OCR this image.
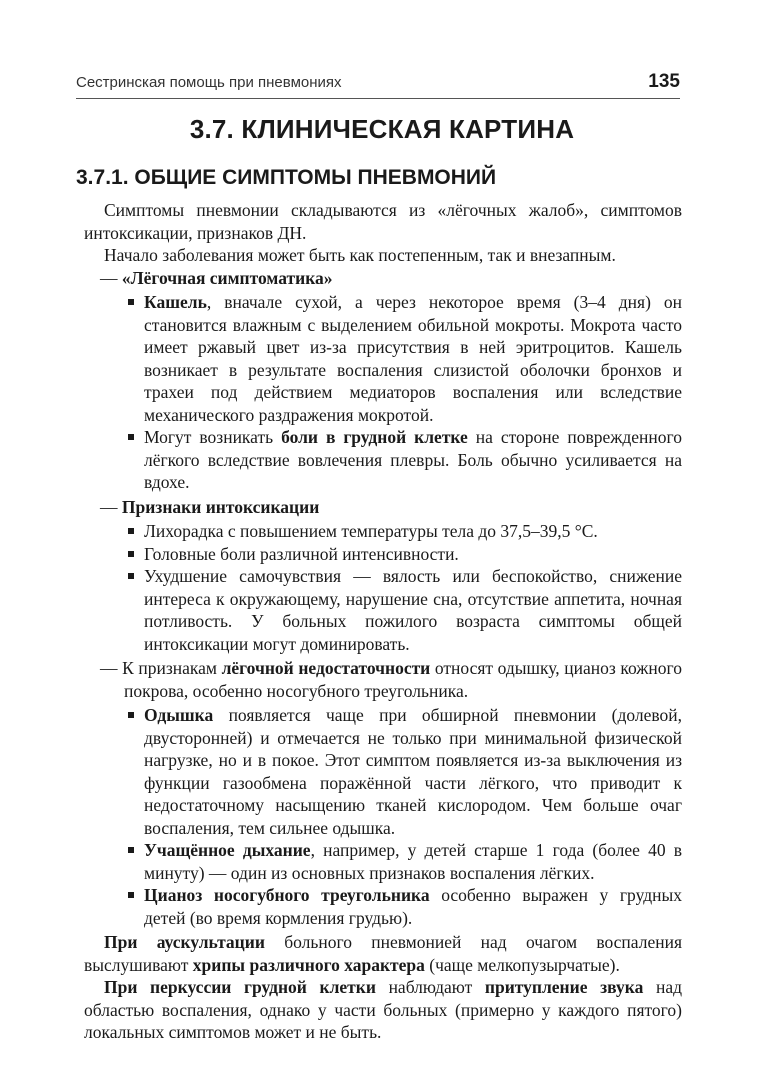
Сестринская помощь при пневмониях	135
3.7. КЛИНИЧЕСКАЯ КАРТИНА
3.7.1. ОБЩИЕ СИМПТОМЫ ПНЕВМОНИЙ

Симптомы пневмонии складываются из «лёгочных жалоб», симптомов интоксикации, признаков ДН.

Начало заболевания может быть как постепенным, так и внезапным.

— «Лёгочная симптоматика»

Кашель, вначале сухой, а через некоторое время (3–4 дня) он становится влажным с выделением обильной мокроты. Мокрота часто имеет ржавый цвет из-за присутствия в ней эритроцитов. Кашель возникает в результате воспаления слизистой оболочки бронхов и трахеи под действием медиаторов воспаления или вследствие механического раздражения мокротой.

Могут возникать боли в грудной клетке на стороне поврежденного лёгкого вследствие вовлечения плевры. Боль обычно усиливается на вдохе.

— Признаки интоксикации

Лихорадка с повышением температуры тела до 37,5–39,5 °С.

Головные боли различной интенсивности.

Ухудшение самочувствия — вялость или беспокойство, снижение интереса к окружающему, нарушение сна, отсутствие аппетита, ночная потливость. У больных пожилого возраста симптомы общей интоксикации могут доминировать.

— К признакам лёгочной недостаточности относят одышку, цианоз кожного покрова, особенно носогубного треугольника.

Одышка появляется чаще при обширной пневмонии (долевой, двусторонней) и отмечается не только при минимальной физической нагрузке, но и в покое. Этот симптом появляется из-за выключения из функции газообмена поражённой части лёгкого, что приводит к недостаточному насыщению тканей кислородом. Чем больше очаг воспаления, тем сильнее одышка.

Учащённое дыхание, например, у детей старше 1 года (более 40 в минуту) — один из основных признаков воспаления лёгких.

Цианоз носогубного треугольника особенно выражен у грудных детей (во время кормления грудью).

При аускультации больного пневмонией над очагом воспаления выслушивают хрипы различного характера (чаще мелкопузырчатые).

При перкуссии грудной клетки наблюдают притупление звука над областью воспаления, однако у части больных (примерно у каждого пятого) локальных симптомов может и не быть.
